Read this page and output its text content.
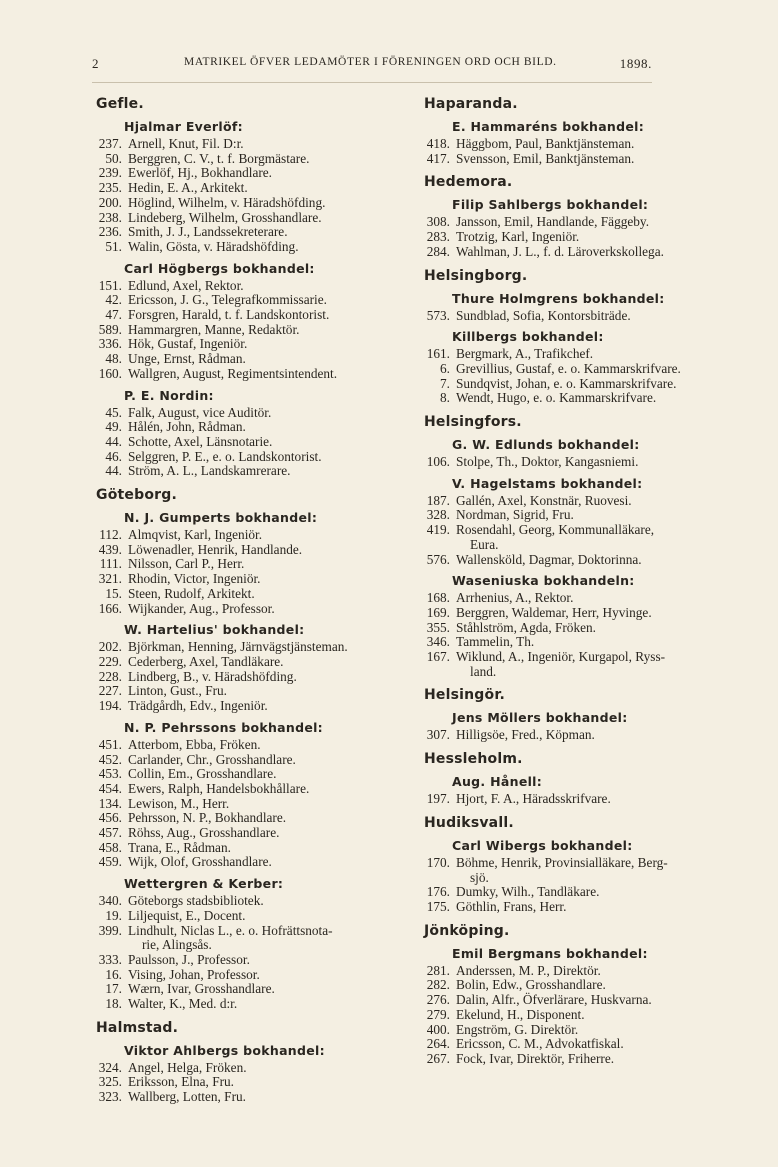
2	MATRIKEL ÖFVER LEDAMÖTER I FÖRENINGEN ORD OCH BILD.	1898.
Gefle.
Hjalmar Everlöf:
237. Arnell, Knut, Fil. D:r.
50. Berggren, C. V., t. f. Borgmästare.
239. Ewerlöf, Hj., Bokhandlare.
235. Hedin, E. A., Arkitekt.
200. Höglind, Wilhelm, v. Häradshöfding.
238. Lindeberg, Wilhelm, Grosshandlare.
236. Smith, J. J., Landssekreterare.
51. Walin, Gösta, v. Häradshöfding.
Carl Högbergs bokhandel:
151. Edlund, Axel, Rektor.
42. Ericsson, J. G., Telegrafkommissarie.
47. Forsgren, Harald, t. f. Landskontorist.
589. Hammargren, Manne, Redaktör.
336. Hök, Gustaf, Ingeniör.
48. Unge, Ernst, Rådman.
160. Wallgren, August, Regimentsintendent.
P. E. Nordin:
45. Falk, August, vice Auditör.
49. Hålén, John, Rådman.
44. Schotte, Axel, Länsnotarie.
46. Selggren, P. E., e. o. Landskontorist.
44. Ström, A. L., Landskamrerare.
Göteborg.
N. J. Gumperts bokhandel:
112. Almqvist, Karl, Ingeniör.
439. Löwenadler, Henrik, Handlande.
111. Nilsson, Carl P., Herr.
321. Rhodin, Victor, Ingeniör.
15. Steen, Rudolf, Arkitekt.
166. Wijkander, Aug., Professor.
W. Hartelius' bokhandel:
202. Björkman, Henning, Järnvägstjänsteman.
229. Cederberg, Axel, Tandläkare.
228. Lindberg, B., v. Häradshöfding.
227. Linton, Gust., Fru.
194. Trädgårdh, Edv., Ingeniör.
N. P. Pehrssons bokhandel:
451. Atterbom, Ebba, Fröken.
452. Carlander, Chr., Grosshandlare.
453. Collin, Em., Grosshandlare.
454. Ewers, Ralph, Handelsbokhållare.
134. Lewison, M., Herr.
456. Pehrsson, N. P., Bokhandlare.
457. Röhss, Aug., Grosshandlare.
458. Trana, E., Rådman.
459. Wijk, Olof, Grosshandlare.
Wettergren & Kerber:
340. Göteborgs stadsbibliotek.
19. Liljequist, E., Docent.
399. Lindhult, Niclas L., e. o. Hofrättsnota-
rie, Alingsås.
333. Paulsson, J., Professor.
16. Vising, Johan, Professor.
17. Wærn, Ivar, Grosshandlare.
18. Walter, K., Med. d:r.
Halmstad.
Viktor Ahlbergs bokhandel:
324. Angel, Helga, Fröken.
325. Eriksson, Elna, Fru.
323. Wallberg, Lotten, Fru.
Haparanda.
E. Hammaréns bokhandel:
418. Häggbom, Paul, Banktjänsteman.
417. Svensson, Emil, Banktjänsteman.
Hedemora.
Filip Sahlbergs bokhandel:
308. Jansson, Emil, Handlande, Fäggeby.
283. Trotzig, Karl, Ingeniör.
284. Wahlman, J. L., f. d. Läroverkskollega.
Helsingborg.
Thure Holmgrens bokhandel:
573. Sundblad, Sofia, Kontorsbiträde.
Killbergs bokhandel:
161. Bergmark, A., Trafikchef.
6. Grevillius, Gustaf, e. o. Kammarskrifvare.
7. Sundqvist, Johan, e. o. Kammarskrifvare.
8. Wendt, Hugo, e. o. Kammarskrifvare.
Helsingfors.
G. W. Edlunds bokhandel:
106. Stolpe, Th., Doktor, Kangasniemi.
V. Hagelstams bokhandel:
187. Gallén, Axel, Konstnär, Ruovesi.
328. Nordman, Sigrid, Fru.
419. Rosendahl, Georg, Kommunalläkare,
Eura.
576. Wallensköld, Dagmar, Doktorinna.
Waseniuska bokhandeln:
168. Arrhenius, A., Rektor.
169. Berggren, Waldemar, Herr, Hyvinge.
355. Ståhlström, Agda, Fröken.
346. Tammelin, Th.
167. Wiklund, A., Ingeniör, Kurgapol, Ryss-
land.
Helsingör.
Jens Möllers bokhandel:
307. Hilligsöe, Fred., Köpman.
Hessleholm.
Aug. Hånell:
197. Hjort, F. A., Häradsskrifvare.
Hudiksvall.
Carl Wibergs bokhandel:
170. Böhme, Henrik, Provinsialläkare, Berg-
sjö.
176. Dumky, Wilh., Tandläkare.
175. Göthlin, Frans, Herr.
Jönköping.
Emil Bergmans bokhandel:
281. Anderssen, M. P., Direktör.
282. Bolin, Edw., Grosshandlare.
276. Dalin, Alfr., Öfverlärare, Huskvarna.
279. Ekelund, H., Disponent.
400. Engström, G. Direktör.
264. Ericsson, C. M., Advokatfiskal.
267. Fock, Ivar, Direktör, Friherre.
